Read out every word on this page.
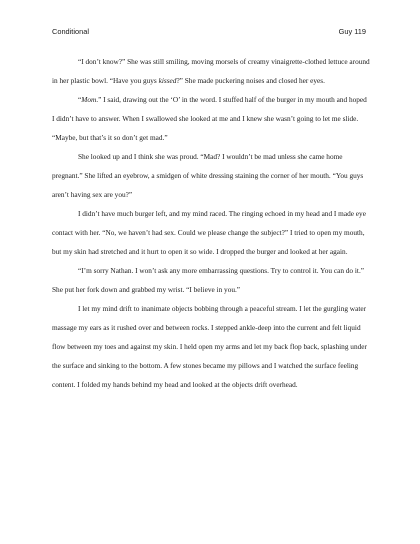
Conditional	Guy 119

“I don’t know?” She was still smiling, moving morsels of creamy vinaigrette-clothed lettuce around in her plastic bowl. “Have you guys kissed?” She made puckering noises and closed her eyes.

“Mom.” I said, drawing out the ‘O’ in the word. I stuffed half of the burger in my mouth and hoped I didn’t have to answer. When I swallowed she looked at me and I knew she wasn’t going to let me slide. “Maybe, but that’s it so don’t get mad.”

She looked up and I think she was proud. “Mad? I wouldn’t be mad unless she came home pregnant.” She lifted an eyebrow, a smidgen of white dressing staining the corner of her mouth. “You guys aren’t having sex are you?”

I didn’t have much burger left, and my mind raced. The ringing echoed in my head and I made eye contact with her. “No, we haven’t had sex. Could we please change the subject?” I tried to open my mouth, but my skin had stretched and it hurt to open it so wide. I dropped the burger and looked at her again.

“I’m sorry Nathan. I won’t ask any more embarrassing questions. Try to control it. You can do it.” She put her fork down and grabbed my wrist. “I believe in you.”

I let my mind drift to inanimate objects bobbing through a peaceful stream. I let the gurgling water massage my ears as it rushed over and between rocks. I stepped ankle-deep into the current and felt liquid flow between my toes and against my skin. I held open my arms and let my back flop back, splashing under the surface and sinking to the bottom. A few stones became my pillows and I watched the surface feeling content. I folded my hands behind my head and looked at the objects drift overhead.
